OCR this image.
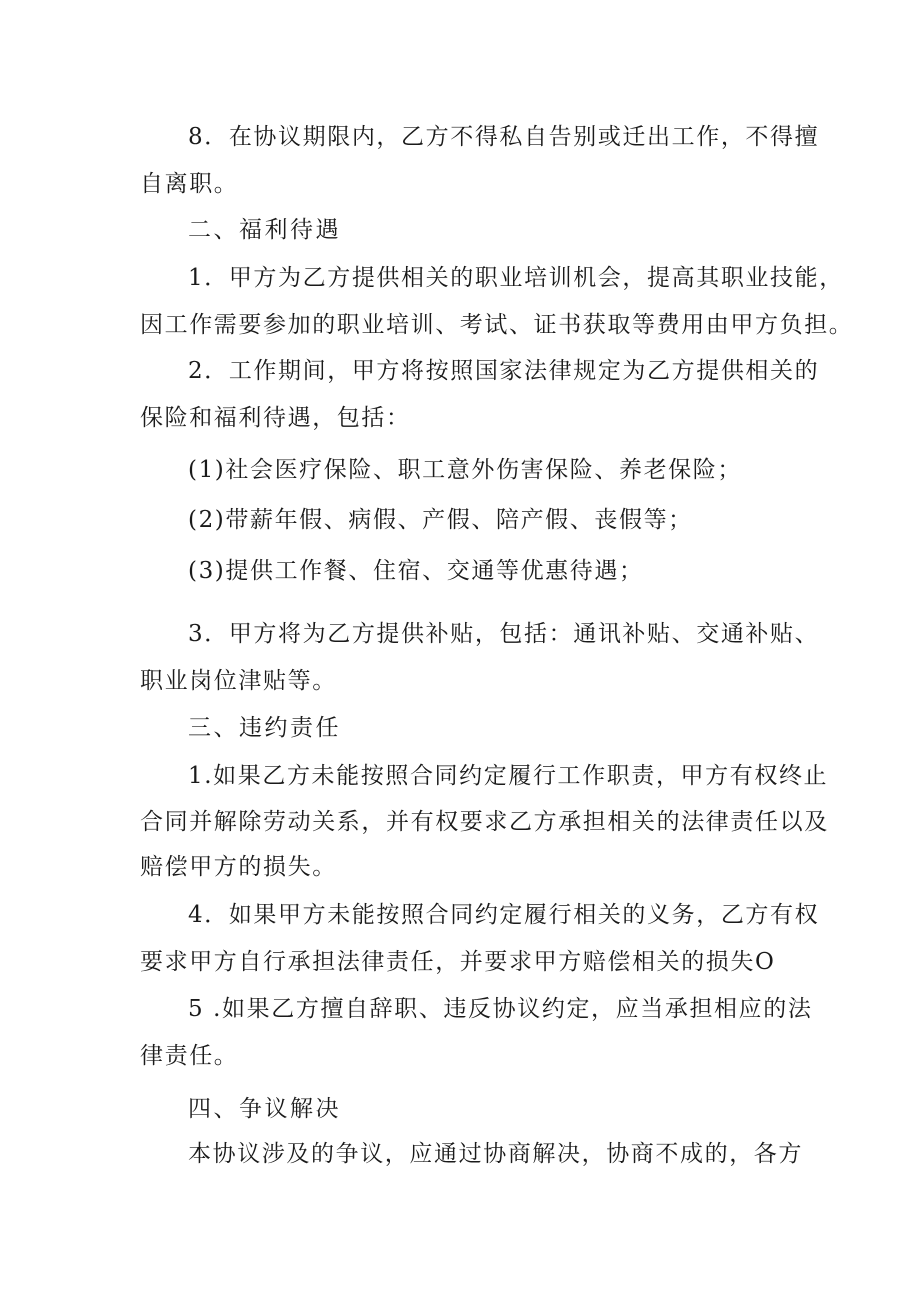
8．在协议期限内，乙方不得私自告别或迁出工作，不得擅
自离职。
二、福利待遇
1．甲方为乙方提供相关的职业培训机会，提高其职业技能，
因工作需要参加的职业培训、考试、证书获取等费用由甲方负担。
2．工作期间，甲方将按照国家法律规定为乙方提供相关的
保险和福利待遇，包括：
(1)社会医疗保险、职工意外伤害保险、养老保险；
(2)带薪年假、病假、产假、陪产假、丧假等；
(3)提供工作餐、住宿、交通等优惠待遇；
3．甲方将为乙方提供补贴，包括：通讯补贴、交通补贴、
职业岗位津贴等。
三、违约责任
1.如果乙方未能按照合同约定履行工作职责，甲方有权终止
合同并解除劳动关系，并有权要求乙方承担相关的法律责任以及
赔偿甲方的损失。
4．如果甲方未能按照合同约定履行相关的义务，乙方有权
要求甲方自行承担法律责任，并要求甲方赔偿相关的损失O
5 .如果乙方擅自辞职、违反协议约定，应当承担相应的法
律责任。
四、争议解决
本协议涉及的争议，应通过协商解决，协商不成的，各方
